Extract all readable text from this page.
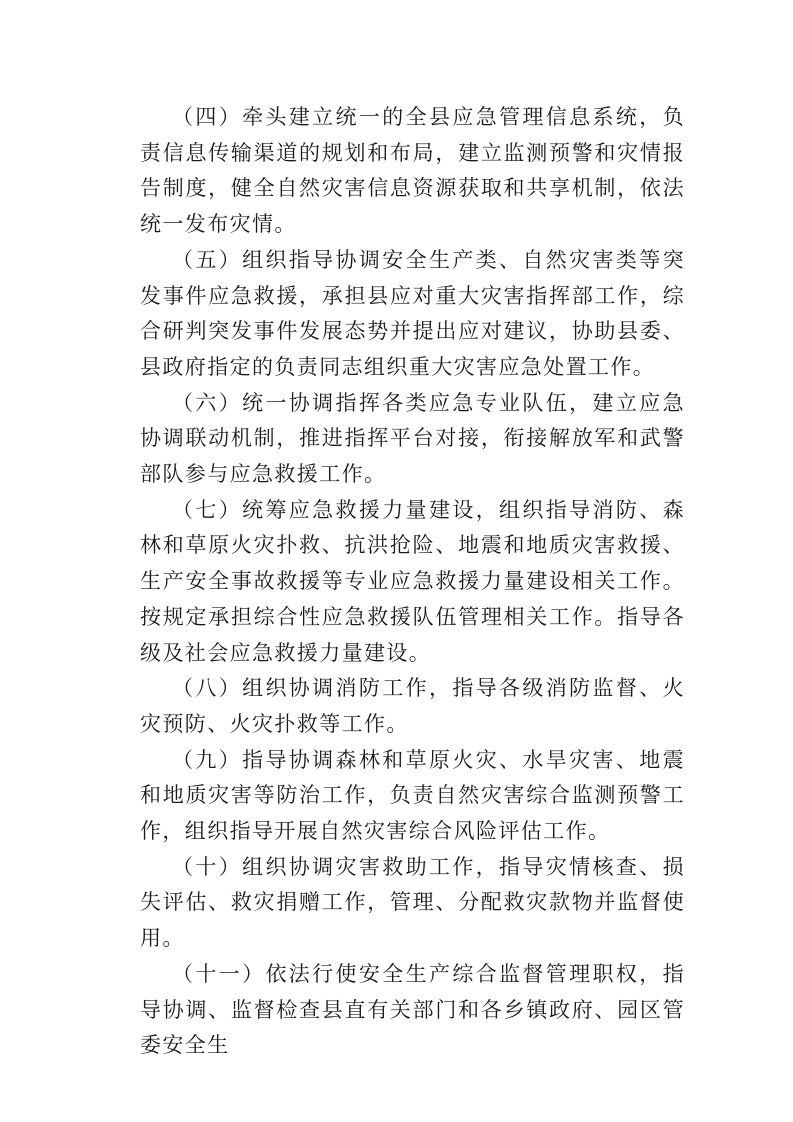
（四）牵头建立统一的全县应急管理信息系统，负责信息传输渠道的规划和布局，建立监测预警和灾情报告制度，健全自然灾害信息资源获取和共享机制，依法统一发布灾情。

（五）组织指导协调安全生产类、自然灾害类等突发事件应急救援，承担县应对重大灾害指挥部工作，综合研判突发事件发展态势并提出应对建议，协助县委、县政府指定的负责同志组织重大灾害应急处置工作。

（六）统一协调指挥各类应急专业队伍，建立应急协调联动机制，推进指挥平台对接，衔接解放军和武警部队参与应急救援工作。

（七）统筹应急救援力量建设，组织指导消防、森林和草原火灾扑救、抗洪抢险、地震和地质灾害救援、生产安全事故救援等专业应急救援力量建设相关工作。按规定承担综合性应急救援队伍管理相关工作。指导各级及社会应急救援力量建设。

（八）组织协调消防工作，指导各级消防监督、火灾预防、火灾扑救等工作。

（九）指导协调森林和草原火灾、水旱灾害、地震和地质灾害等防治工作，负责自然灾害综合监测预警工作，组织指导开展自然灾害综合风险评估工作。

（十）组织协调灾害救助工作，指导灾情核查、损失评估、救灾捐赠工作，管理、分配救灾款物并监督使用。

（十一）依法行使安全生产综合监督管理职权，指导协调、监督检查县直有关部门和各乡镇政府、园区管委安全生
